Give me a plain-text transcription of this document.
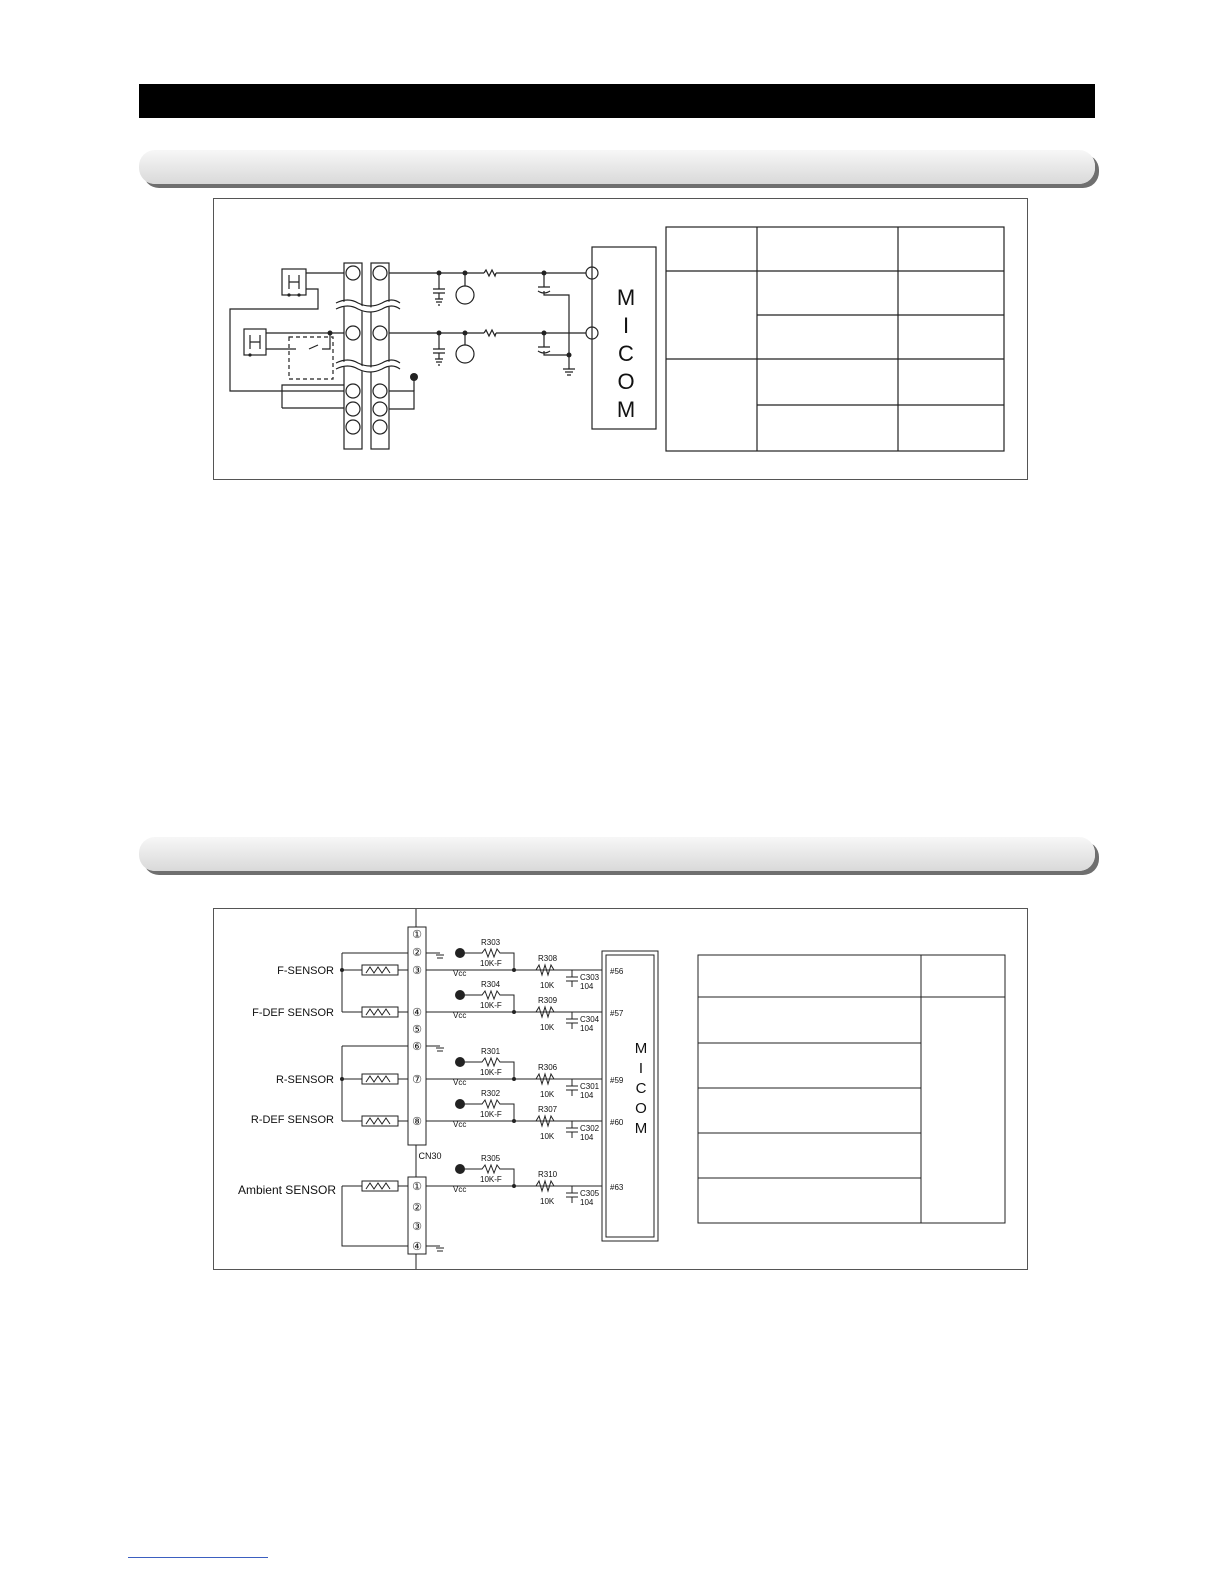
M
I
C
O
M
F-SENSOR
F-DEF SENSOR
R-SENSOR
R-DEF SENSOR
Ambient SENSOR
①
②
③
④
⑤
⑥
⑦
⑧
①
②
③
④
CN30
Vcc
R303
10K-F
R308
10K
C303
104
#56
Vcc
R304
10K-F
R309
10K
C304
104
#57
Vcc
R301
10K-F
R306
10K
C301
104
#59
Vcc
R302
10K-F
R307
10K
C302
104
#60
Vcc
R305
10K-F
R310
10K
C305
104
#63
M
I
C
O
M
